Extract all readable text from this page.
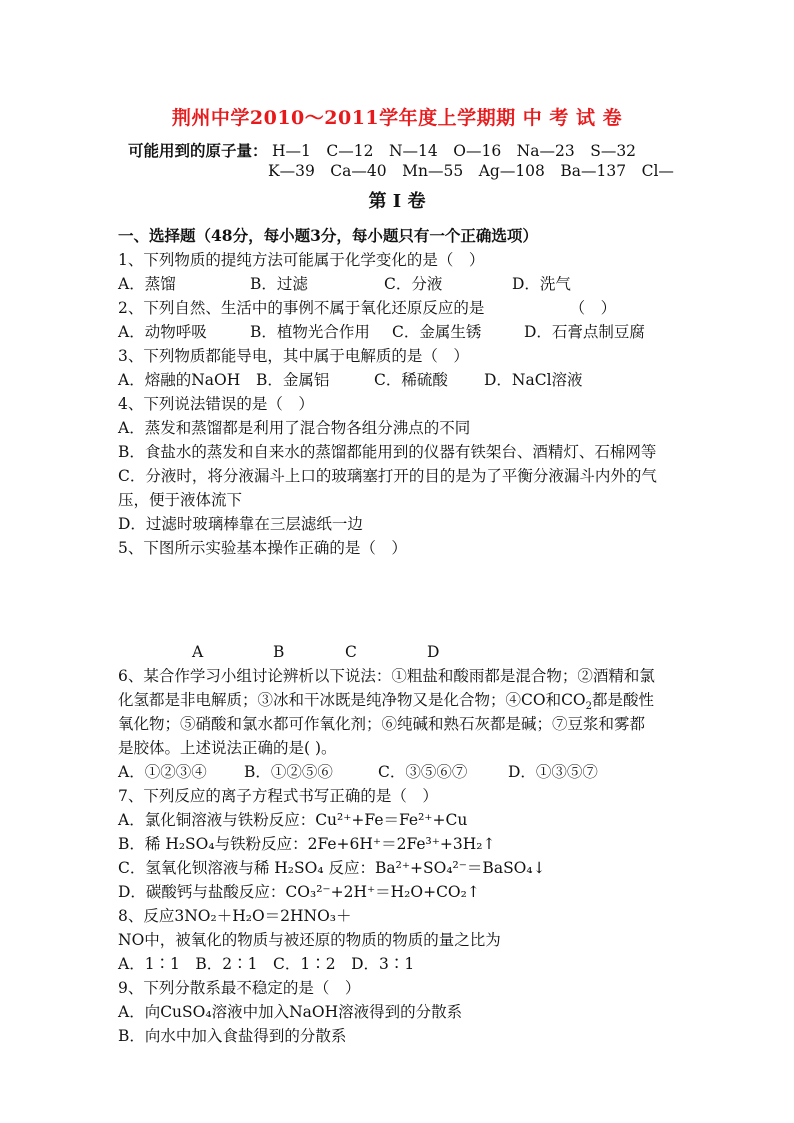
荆州中学2010～2011学年度上学期期 中 考 试 卷
可能用到的原子量： H—1　C—12　N—14　O—16　Na—23　S—32
K—39　Ca—40　Mn—55　Ag—108　Ba—137　Cl—
第 Ⅰ 卷
一、选择题（48分，每小题3分，每小题只有一个正确选项）
1、下列物质的提纯方法可能属于化学变化的是（　）
A．蒸馏	B．过滤	C．分液	D．洗气
2、下列自然、生活中的事例不属于氧化还原反应的是　　　　　　（　）
A．动物呼吸	B．植物光合作用 C．金属生锈	D．石膏点制豆腐
3、下列物质都能导电，其中属于电解质的是（　）
A．熔融的NaOH B．金属铝	C．稀硫酸 D．NaCl溶液
4、下列说法错误的是（　）
A．蒸发和蒸馏都是利用了混合物各组分沸点的不同
B．食盐水的蒸发和自来水的蒸馏都能用到的仪器有铁架台、酒精灯、石棉网等
C．分液时，将分液漏斗上口的玻璃塞打开的目的是为了平衡分液漏斗内外的气
压，便于液体流下
D．过滤时玻璃棒靠在三层滤纸一边
5、下图所示实验基本操作正确的是（　）
A	B	C	D
6、某合作学习小组讨论辨析以下说法：①粗盐和酸雨都是混合物；②酒精和氯
化氢都是非电解质；③冰和干冰既是纯净物又是化合物；④CO和$CO_2$都是酸性
氧化物；⑤硝酸和氯水都可作氧化剂；⑥纯碱和熟石灰都是碱；⑦豆浆和雾都
是胶体。上述说法正确的是( )。
A．①②③④ B．①②⑤⑥	C．③⑤⑥⑦	D．①③⑤⑦
7、下列反应的离子方程式书写正确的是（　）
A．氯化铜溶液与铁粉反应：Cu²⁺+Fe＝Fe²⁺+Cu
B．稀 H₂SO₄与铁粉反应：2Fe+6H⁺＝2Fe³⁺+3H₂↑
C．氢氧化钡溶液与稀 H₂SO₄ 反应：Ba²⁺+SO₄²⁻＝BaSO₄↓
D．碳酸钙与盐酸反应：CO₃²⁻+2H⁺＝H₂O+CO₂↑
8、反应3NO₂＋H₂O＝2HNO₃＋
NO中，被氧化的物质与被还原的物质的物质的量之比为
A．1∶1　B．2∶1　C．1∶2　D．3∶1
9、下列分散系最不稳定的是（　）
A．向CuSO₄溶液中加入NaOH溶液得到的分散系
B．向水中加入食盐得到的分散系
